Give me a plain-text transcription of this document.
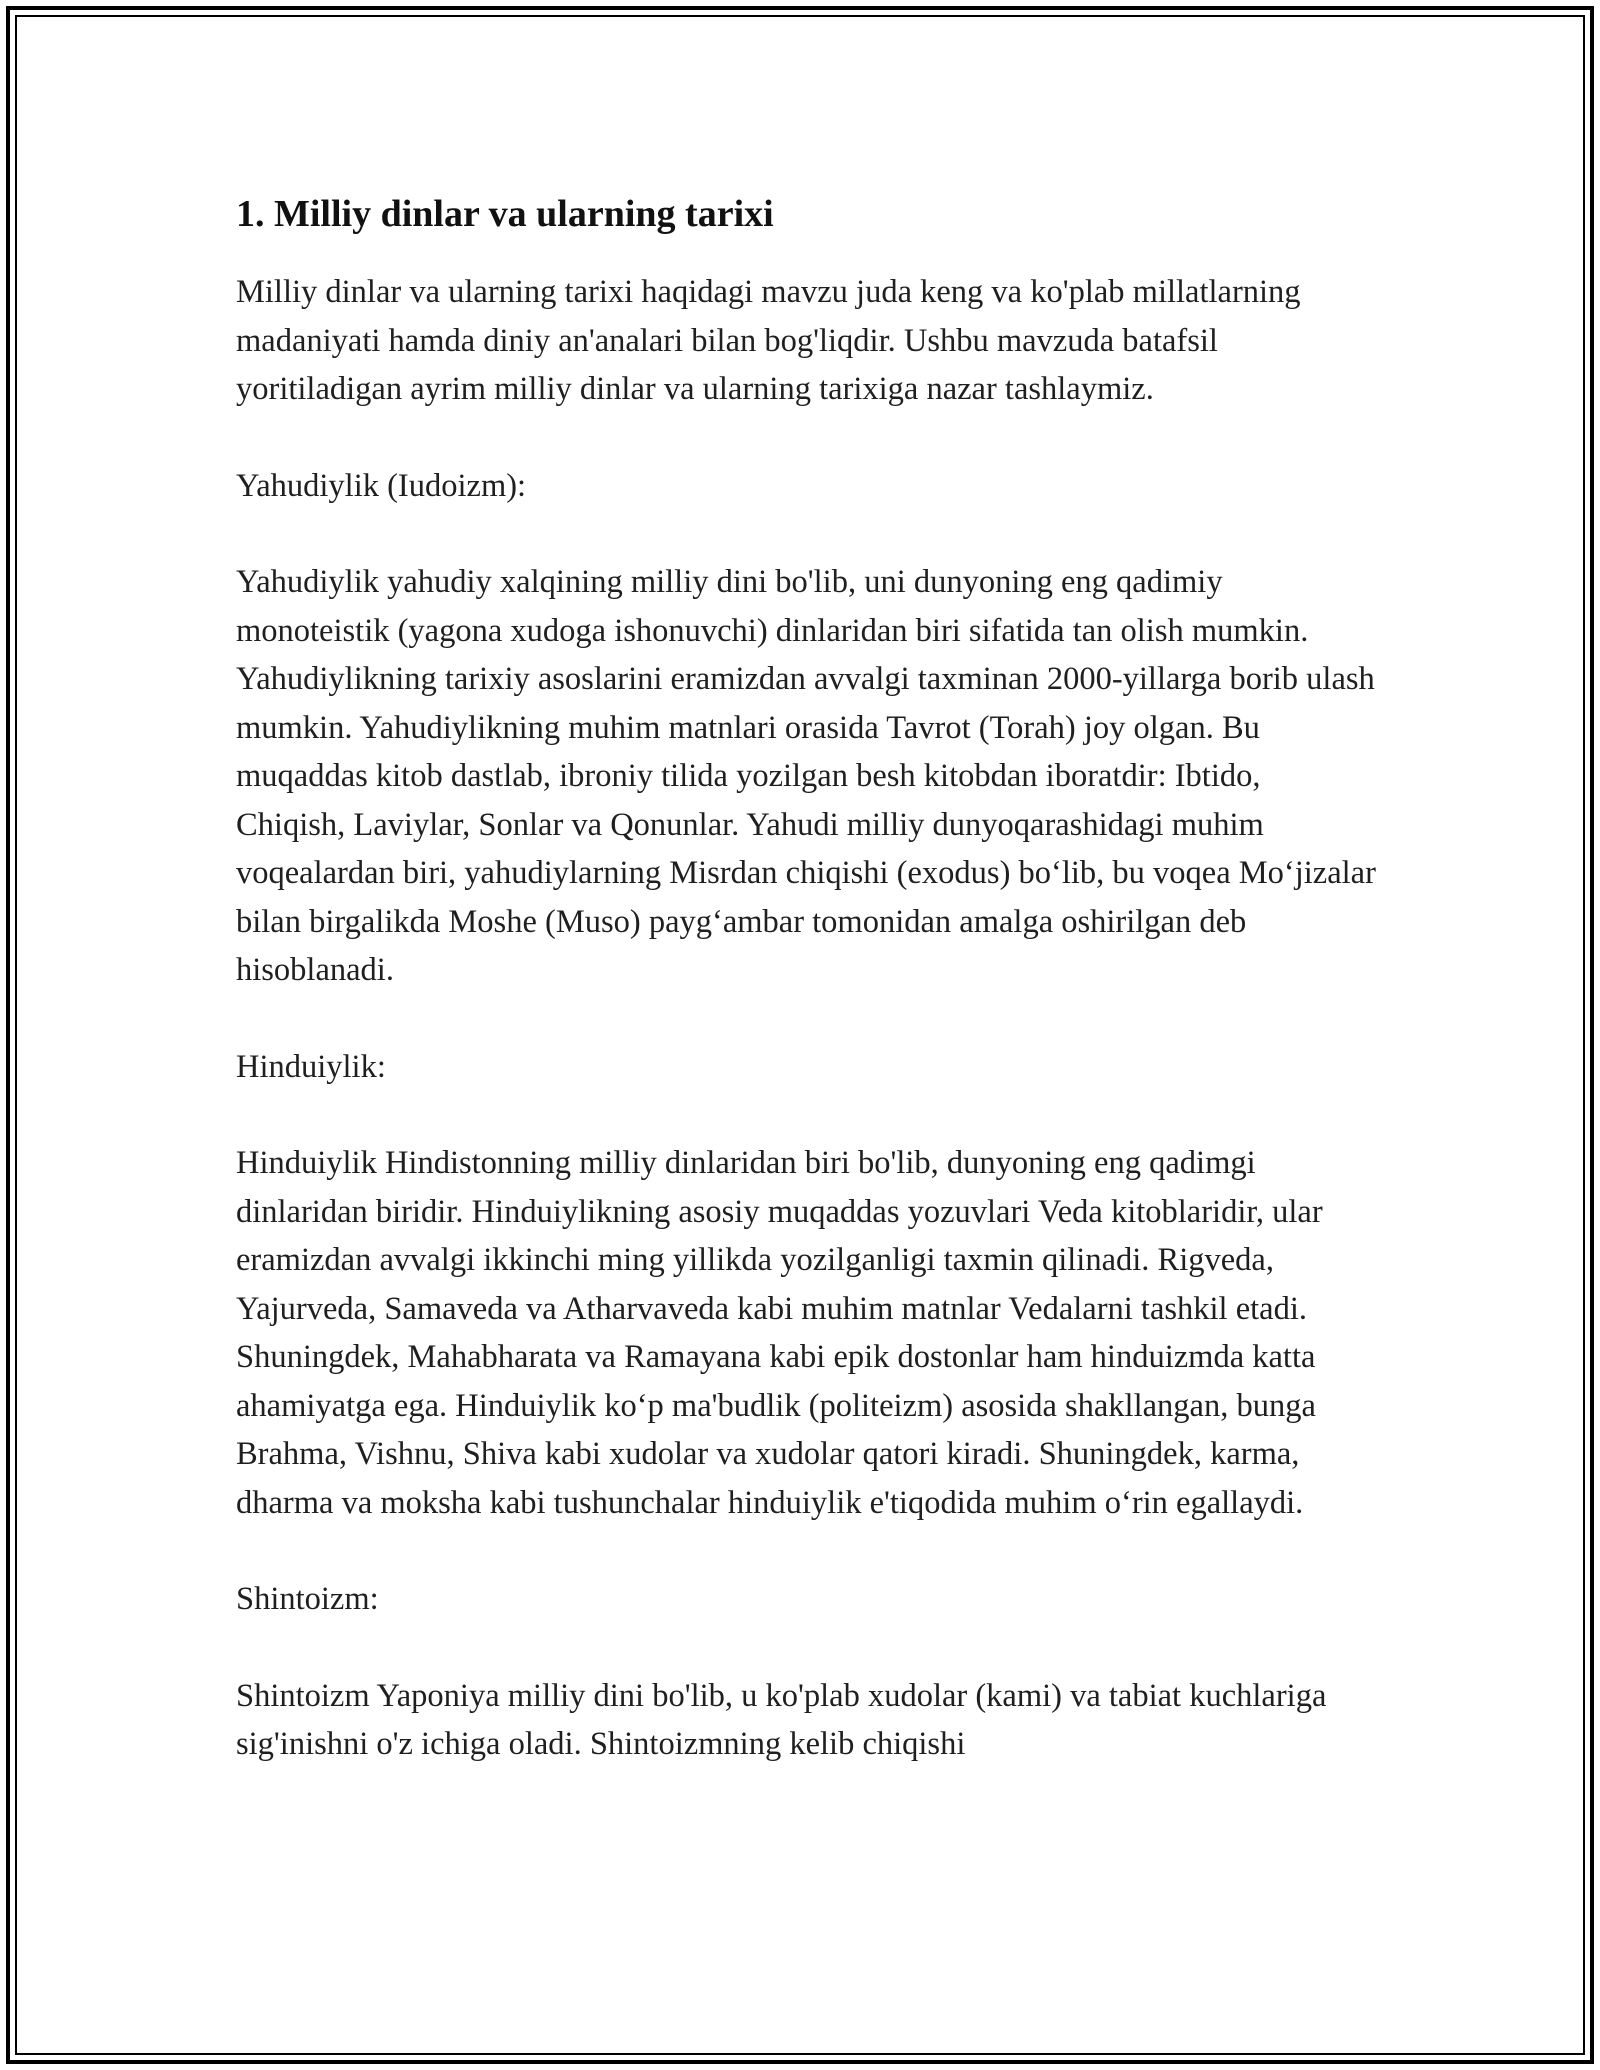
1. Milliy dinlar va ularning tarixi

Milliy dinlar va ularning tarixi haqidagi mavzu juda keng va ko'plab millatlarning madaniyati hamda diniy an'analari bilan bog'liqdir. Ushbu mavzuda batafsil yoritiladigan ayrim milliy dinlar va ularning tarixiga nazar tashlaymiz.

Yahudiylik (Iudoizm):

Yahudiylik yahudiy xalqining milliy dini bo'lib, uni dunyoning eng qadimiy monoteistik (yagona xudoga ishonuvchi) dinlaridan biri sifatida tan olish mumkin. Yahudiylikning tarixiy asoslarini eramizdan avvalgi taxminan 2000-yillarga borib ulash mumkin. Yahudiylikning muhim matnlari orasida Tavrot (Torah) joy olgan. Bu muqaddas kitob dastlab, ibroniy tilida yozilgan besh kitobdan iboratdir: Ibtido, Chiqish, Laviylar, Sonlar va Qonunlar. Yahudi milliy dunyoqarashidagi muhim voqealardan biri, yahudiylarning Misrdan chiqishi (exodus) bo‘lib, bu voqea Mo‘jizalar bilan birgalikda Moshe (Muso) payg‘ambar tomonidan amalga oshirilgan deb hisoblanadi.

Hinduiylik:

Hinduiylik Hindistonning milliy dinlaridan biri bo'lib, dunyoning eng qadimgi dinlaridan biridir. Hinduiylikning asosiy muqaddas yozuvlari Veda kitoblaridir, ular eramizdan avvalgi ikkinchi ming yillikda yozilganligi taxmin qilinadi. Rigveda, Yajurveda, Samaveda va Atharvaveda kabi muhim matnlar Vedalarni tashkil etadi. Shuningdek, Mahabharata va Ramayana kabi epik dostonlar ham hinduizmda katta ahamiyatga ega. Hinduiylik ko‘p ma'budlik (politeizm) asosida shakllangan, bunga Brahma, Vishnu, Shiva kabi xudolar va xudolar qatori kiradi. Shuningdek, karma, dharma va moksha kabi tushunchalar hinduiylik e'tiqodida muhim o‘rin egallaydi.

Shintoizm:

Shintoizm Yaponiya milliy dini bo'lib, u ko'plab xudolar (kami) va tabiat kuchlariga sig'inishni o'z ichiga oladi. Shintoizmning kelib chiqishi
